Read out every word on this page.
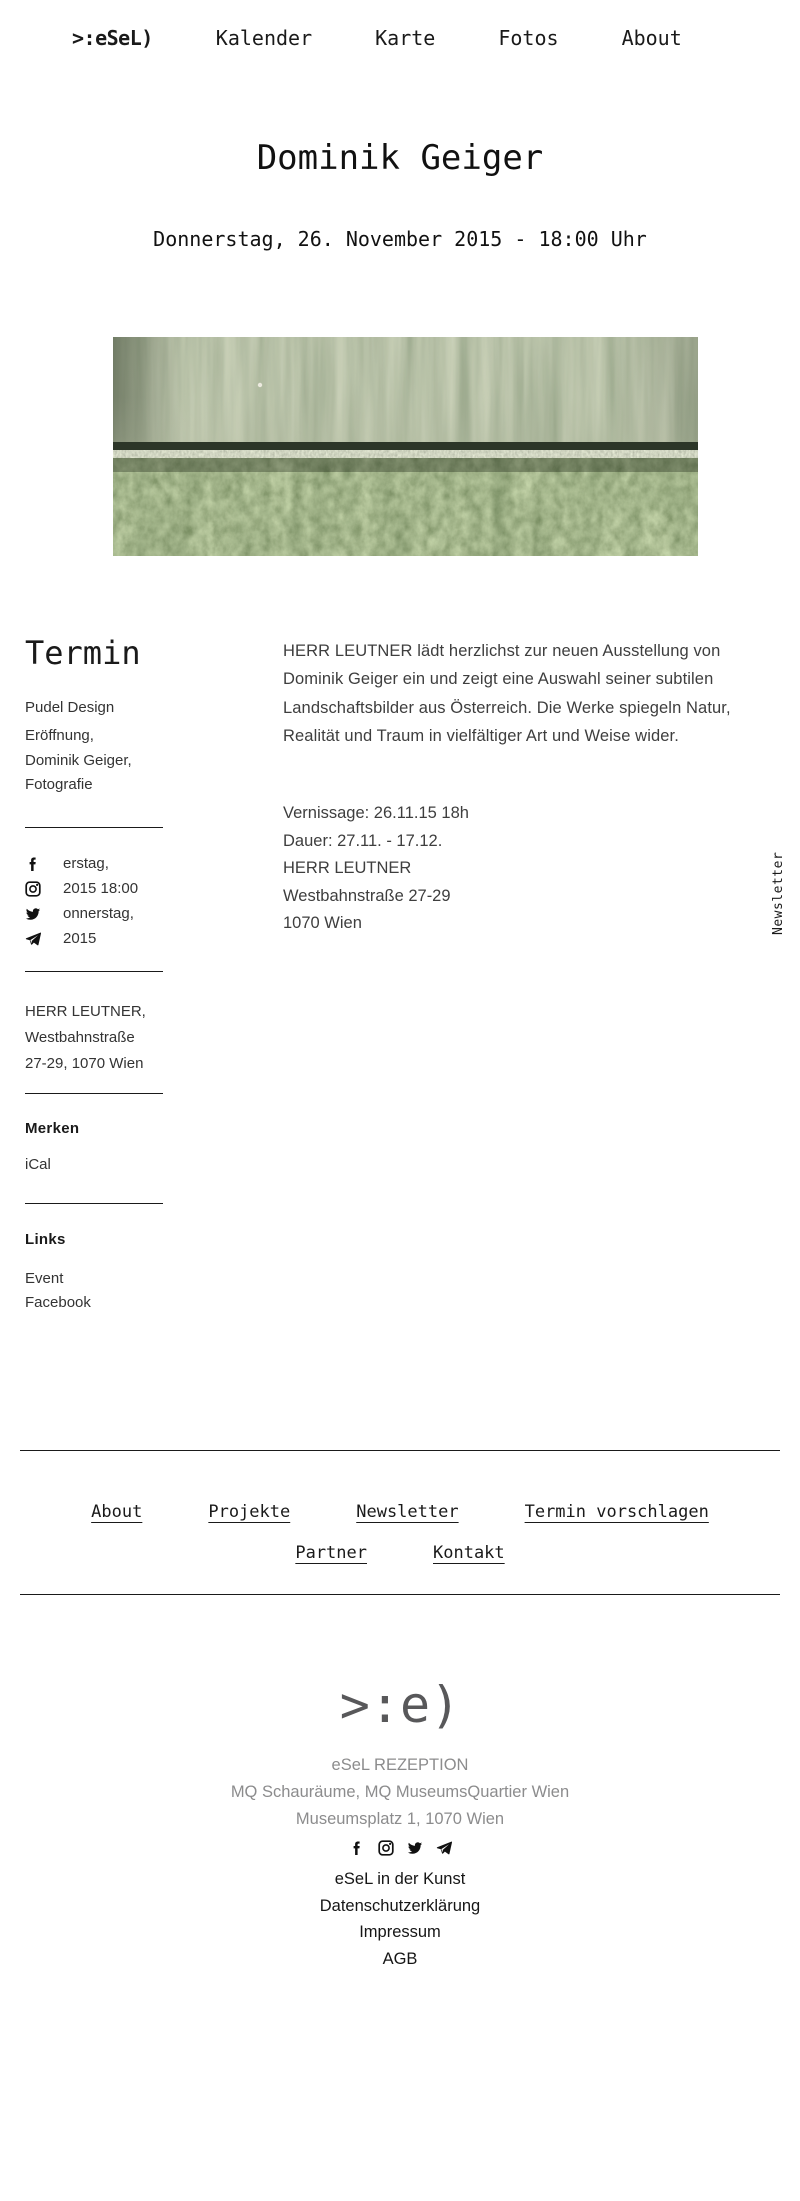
>:eSeL)	Kalender	Karte	Fotos	About
Dominik Geiger
Donnerstag, 26. November 2015 - 18:00 Uhr
Termin
Pudel Design
Eröffnung,
Dominik Geiger,
Fotografie
erstag,
2015 18:00
onnerstag,
2015
HERR LEUTNER,
Westbahnstraße
27-29, 1070 Wien
Merken
iCal
Links
Event
Facebook
HERR LEUTNER lädt herzlichst zur neuen Ausstellung von Dominik Geiger ein und zeigt eine Auswahl seiner subtilen Landschaftsbilder aus Österreich. Die Werke spiegeln Natur, Realität und Traum in vielfältiger Art und Weise wider.
Vernissage: 26.11.15 18h
Dauer: 27.11. - 17.12.
HERR LEUTNER
Westbahnstraße 27-29
1070 Wien	Newsletter
About	Projekte	Newsletter	Termin vorschlagen
Partner	Kontakt
>:e)
eSeL REZEPTION
MQ Schauräume, MQ MuseumsQuartier Wien
Museumsplatz 1, 1070 Wien
eSeL in der Kunst
Datenschutzerklärung
Impressum
AGB
